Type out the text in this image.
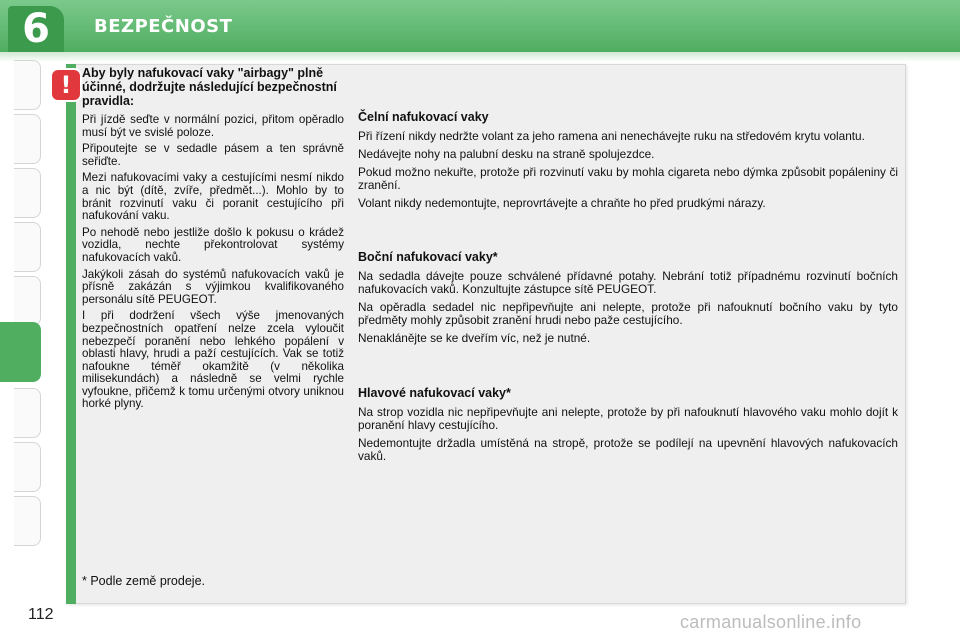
6	BEZPEČNOST
! Aby byly nafukovací vaky "airbagy" plně účinné, dodržujte následující bezpečnostní pravidla:
Při jízdě seďte v normální pozici, přitom opěradlo musí být ve svislé poloze.
Připoutejte se v sedadle pásem a ten správně seřiďte.
Mezi nafukovacími vaky a cestujícími nesmí nikdo a nic být (dítě, zvíře, předmět...). Mohlo by to bránit rozvinutí vaku či poranit cestujícího při nafukování vaku.
Po nehodě nebo jestliže došlo k pokusu o krádež vozidla, nechte překontrolovat systémy nafukovacích vaků.
Jakýkoli zásah do systémů nafukovacích vaků je přísně zakázán s výjimkou kvalifikovaného personálu sítě PEUGEOT.
I při dodržení všech výše jmenovaných bezpečnostních opatření nelze zcela vyloučit nebezpečí poranění nebo lehkého popálení v oblasti hlavy, hrudi a paží cestujících. Vak se totiž nafoukne téměř okamžitě (v několika milisekundách) a následně se velmi rychle vyfoukne, přičemž k tomu určenými otvory uniknou horké plyny.
Čelní nafukovací vaky
Při řízení nikdy nedržte volant za jeho ramena ani nenechávejte ruku na středovém krytu volantu.
Nedávejte nohy na palubní desku na straně spolujezdce.
Pokud možno nekuřte, protože při rozvinutí vaku by mohla cigareta nebo dýmka způsobit popáleniny či zranění.
Volant nikdy nedemontujte, neprovrtávejte a chraňte ho před prudkými nárazy.
Boční nafukovací vaky*
Na sedadla dávejte pouze schválené přídavné potahy. Nebrání totiž případnému rozvinutí bočních nafukovacích vaků. Konzultujte zástupce sítě PEUGEOT.
Na opěradla sedadel nic nepřipevňujte ani nelepte, protože při nafouknutí bočního vaku by tyto předměty mohly způsobit zranění hrudi nebo paže cestujícího.
Nenaklánějte se ke dveřím víc, než je nutné.
Hlavové nafukovací vaky*
Na strop vozidla nic nepřipevňujte ani nelepte, protože by při nafouknutí hlavového vaku mohlo dojít k poranění hlavy cestujícího.
Nedemontujte držadla umístěná na stropě, protože se podílejí na upevnění hlavových nafukovacích vaků.
* Podle země prodeje.
112	carmanualsonline.info
